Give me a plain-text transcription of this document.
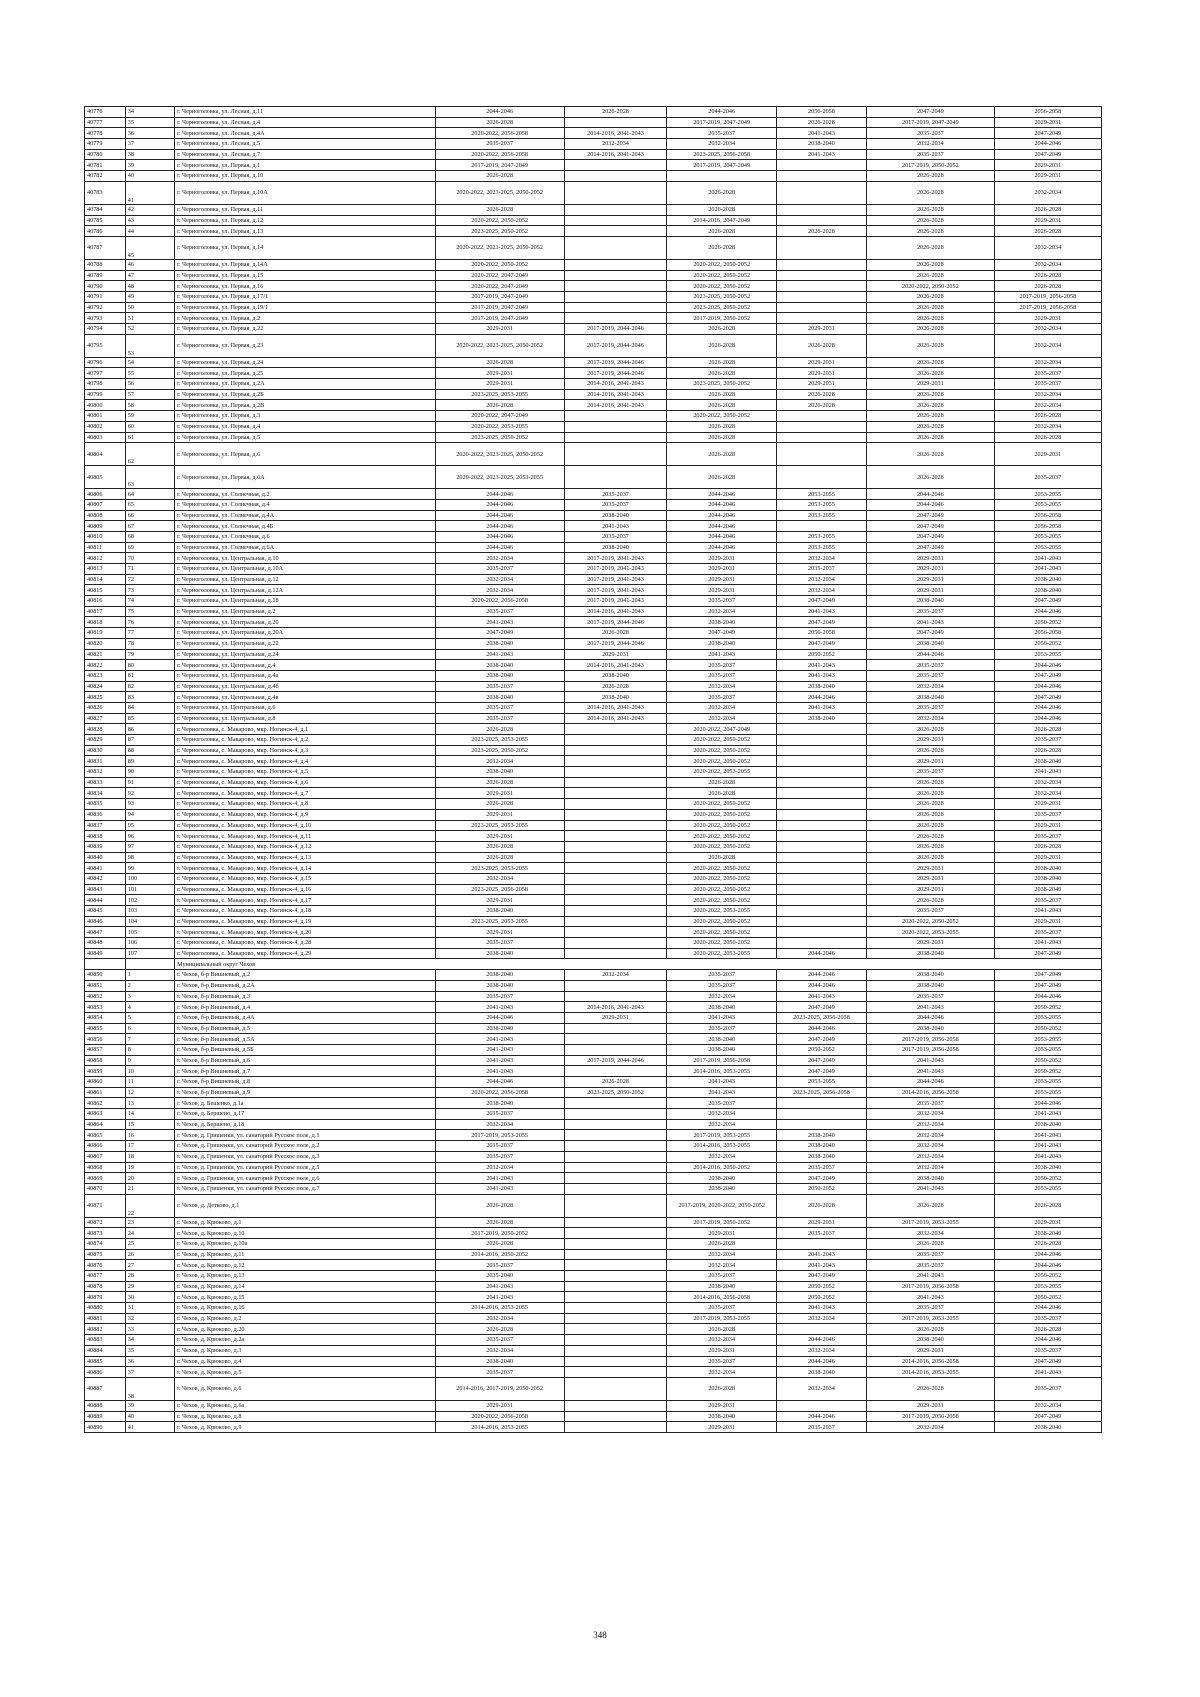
40776	34	г. Черноголовка, ул. Лесная, д.11	2044-2046	2026-2028	2044-2046	2056-2058	2047-2049	2056-2058
40777	35	г. Черноголовка, ул. Лесная, д.4	2026-2028		2017-2019, 2047-2049	2026-2028	2017-2019, 2047-2049	2029-2031
40778	36	г. Черноголовка, ул. Лесная, д.4А	2020-2022, 2056-2058	2014-2016, 2041-2043	2035-2037	2041-2043	2035-2037	2047-2049
40779	37	г. Черноголовка, ул. Лесная, д.5	2035-2037	2032-2034	2032-2034	2038-2040	2032-2034	2044-2046
40780	38	г. Черноголовка, ул. Лесная, д.7	2020-2022, 2056-2058	2014-2016, 2041-2043	2023-2025, 2056-2058	2041-2043	2035-2037	2047-2049
40781	39	г. Черноголовка, ул. Первая, д.1	2017-2019, 2047-2049		2017-2019, 2047-2049		2017-2019, 2050-2052	2029-2031
40782	40	г. Черноголовка, ул. Первая, д.10	2026-2028				2026-2028	2029-2031
40783	41	г. Черноголовка, ул. Первая, д.10А	2020-2022, 2023-2025, 2050-2052		2026-2028		2026-2028	2032-2034
40784	42	г. Черноголовка, ул. Первая, д.11	2026-2028		2026-2028		2026-2028	2026-2028
40785	43	г. Черноголовка, ул. Первая, д.12	2020-2022, 2050-2052		2014-2016, 2047-2049		2026-2028	2029-2031
40786	44	г. Черноголовка, ул. Первая, д.13	2023-2025, 2050-2052		2026-2028	2026-2028	2026-2028	2026-2028
40787	45	г. Черноголовка, ул. Первая, д.14	2020-2022, 2023-2025, 2050-2052		2026-2028		2026-2028	2032-2034
40788	46	г. Черноголовка, ул. Первая, д.14А	2020-2022, 2050-2052		2020-2022, 2050-2052		2026-2028	2032-2034
40789	47	г. Черноголовка, ул. Первая, д.15	2020-2022, 2047-2049		2020-2022, 2050-2052		2026-2028	2026-2028
40790	48	г. Черноголовка, ул. Первая, д.16	2020-2022, 2047-2049		2020-2022, 2050-2052		2020-2022, 2050-2052	2026-2028
40791	49	г. Черноголовка, ул. Первая, д.17/1	2017-2019, 2047-2049		2023-2025, 2050-2052		2026-2028	2017-2019, 2056-2058
40792	50	г. Черноголовка, ул. Первая, д.19/1	2017-2019, 2047-2049		2023-2025, 2050-2052		2026-2028	2017-2019, 2056-2058
40793	51	г. Черноголовка, ул. Первая, д.2	2017-2019, 2047-2049		2017-2019, 2050-2052		2026-2028	2029-2031
40794	52	г. Черноголовка, ул. Первая, д.22	2029-2031	2017-2019, 2044-2046	2026-2028	2029-2031	2026-2028	2032-2034
40795	53	г. Черноголовка, ул. Первая, д.23	2020-2022, 2023-2025, 2050-2052	2017-2019, 2044-2046	2026-2028	2026-2028	2026-2028	2032-2034
40796	54	г. Черноголовка, ул. Первая, д.24	2026-2028	2017-2019, 2044-2046	2026-2028	2029-2031	2026-2028	2032-2034
40797	55	г. Черноголовка, ул. Первая, д.25	2029-2031	2017-2019, 2044-2046	2026-2028	2029-2031	2026-2028	2035-2037
40798	56	г. Черноголовка, ул. Первая, д.2А	2029-2031	2014-2016, 2041-2043	2023-2025, 2050-2052	2029-2031	2029-2031	2035-2037
40799	57	г. Черноголовка, ул. Первая, д.2Б	2023-2025, 2053-2055	2014-2016, 2041-2043	2026-2028	2026-2028	2026-2028	2032-2034
40800	58	г. Черноголовка, ул. Первая, д.2В	2026-2028	2014-2016, 2041-2043	2026-2028	2026-2028	2026-2028	2032-2034
40801	59	г. Черноголовка, ул. Первая, д.3	2020-2022, 2047-2049		2020-2022, 2050-2052		2026-2028	2026-2028
40802	60	г. Черноголовка, ул. Первая, д.4	2020-2022, 2053-2055		2026-2028		2026-2028	2032-2034
40803	61	г. Черноголовка, ул. Первая, д.5	2023-2025, 2050-2052		2026-2028		2026-2028	2026-2028
40804	62	г. Черноголовка, ул. Первая, д.6	2020-2022, 2023-2025, 2050-2052		2026-2028		2026-2028	2029-2031
40805	63	г. Черноголовка, ул. Первая, д.6А	2020-2022, 2023-2025, 2053-2055		2026-2028		2026-2028	2035-2037
40806	64	г. Черноголовка, ул. Солнечная, д.2	2044-2046	2035-2037	2044-2046	2053-2055	2044-2046	2053-2055
40807	65	г. Черноголовка, ул. Солнечная, д.4	2044-2046	2035-2037	2044-2046	2053-2055	2044-2046	2053-2055
40808	66	г. Черноголовка, ул. Солнечная, д.4А	2044-2046	2038-2040	2044-2046	2053-2055	2047-2049	2056-2058
40809	67	г. Черноголовка, ул. Солнечная, д.4Б	2044-2046	2041-2043	2044-2046		2047-2049	2056-2058
40810	68	г. Черноголовка, ул. Солнечная, д.6	2044-2046	2035-2037	2044-2046	2053-2055	2047-2049	2053-2055
40811	69	г. Черноголовка, ул. Солнечная, д.6А	2044-2046	2038-2040	2044-2046	2053-2055	2047-2049	2053-2055
40812	70	г. Черноголовка, ул. Центральная, д.10	2032-2034	2017-2019, 2041-2043	2029-2031	2032-2034	2029-2031	2041-2043
40813	71	г. Черноголовка, ул. Центральная, д.10А	2035-2037	2017-2019, 2041-2043	2029-2031	2035-2037	2029-2031	2041-2043
40814	72	г. Черноголовка, ул. Центральная, д.12	2032-2034	2017-2019, 2041-2043	2029-2031	2032-2034	2029-2031	2038-2040
40815	73	г. Черноголовка, ул. Центральная, д.12А	2032-2034	2017-2019, 2041-2043	2029-2031	2032-2034	2029-2031	2038-2040
40816	74	г. Черноголовка, ул. Центральная, д.18	2020-2022, 2056-2058	2017-2019, 2041-2043	2035-2037	2047-2049	2038-2040	2047-2049
40817	75	г. Черноголовка, ул. Центральная, д.2	2035-2037	2014-2016, 2041-2043	2032-2034	2041-2043	2035-2037	2044-2046
40818	76	г. Черноголовка, ул. Центральная, д.20	2041-2043	2017-2019, 2044-2046	2038-2040	2047-2049	2041-2043	2050-2052
40819	77	г. Черноголовка, ул. Центральная, д.20А	2047-2049	2026-2028	2047-2049	2056-2058	2047-2049	2056-2058
40820	78	г. Черноголовка, ул. Центральная, д.22	2038-2040	2017-2019, 2044-2046	2038-2040	2047-2049	2038-2040	2050-2052
40821	79	г. Черноголовка, ул. Центральная, д.24	2041-2043	2029-2031	2041-2043	2050-2052	2044-2046	2053-2055
40822	80	г. Черноголовка, ул. Центральная, д.4	2038-2040	2014-2016, 2041-2043	2035-2037	2041-2043	2035-2037	2044-2046
40823	81	г. Черноголовка, ул. Центральная, д.4а	2038-2040	2038-2040	2035-2037	2041-2043	2035-2037	2047-2049
40824	82	г. Черноголовка, ул. Центральная, д.4б	2035-2037	2026-2028	2032-2034	2038-2040	2032-2034	2044-2046
40825	83	г. Черноголовка, ул. Центральная, д.4в	2038-2040	2038-2040	2035-2037	2044-2046	2038-2040	2047-2049
40826	84	г. Черноголовка, ул. Центральная, д.6	2035-2037	2014-2016, 2041-2043	2032-2034	2041-2043	2035-2037	2044-2046
40827	85	г. Черноголовка, ул. Центральная, д.8	2035-2037	2014-2016, 2041-2043	2032-2034	2038-2040	2032-2034	2044-2046
40828	86	г. Черноголовка, с. Макарово, мкр. Ногинск-4, д.1	2026-2028		2020-2022, 2047-2049		2026-2028	2026-2028
40829	87	г. Черноголовка, с. Макарово, мкр. Ногинск-4, д.2	2023-2025, 2053-2055		2020-2022, 2050-2052		2029-2031	2035-2037
40830	88	г. Черноголовка, с. Макарово, мкр. Ногинск-4, д.3	2023-2025, 2050-2052		2020-2022, 2050-2052		2026-2028	2026-2028
40831	89	г. Черноголовка, с. Макарово, мкр. Ногинск-4, д.4	2032-2034		2020-2022, 2050-2052		2029-2031	2038-2040
40832	90	г. Черноголовка, с. Макарово, мкр. Ногинск-4, д.5	2038-2040		2020-2022, 2053-2055		2035-2037	2041-2043
40833	91	г. Черноголовка, с. Макарово, мкр. Ногинск-4, д.6	2026-2028		2026-2028		2026-2028	2032-2034
40834	92	г. Черноголовка, с. Макарово, мкр. Ногинск-4, д.7	2029-2031		2026-2028		2026-2028	2032-2034
40835	93	г. Черноголовка, с. Макарово, мкр. Ногинск-4, д.8	2026-2028		2020-2022, 2050-2052		2026-2028	2029-2031
40836	94	г. Черноголовка, с. Макарово, мкр. Ногинск-4, д.9	2029-2031		2020-2022, 2050-2052		2026-2028	2035-2037
40837	95	г. Черноголовка, с. Макарово, мкр. Ногинск-4, д.10	2023-2025, 2053-2055		2020-2022, 2050-2052		2026-2028	2029-2031
40838	96	г. Черноголовка, с. Макарово, мкр. Ногинск-4, д.11	2029-2031		2020-2022, 2050-2052		2026-2028	2035-2037
40839	97	г. Черноголовка, с. Макарово, мкр. Ногинск-4, д.12	2026-2028		2020-2022, 2050-2052		2026-2028	2026-2028
40840	98	г. Черноголовка, с. Макарово, мкр. Ногинск-4, д.13	2026-2028		2026-2028		2026-2028	2029-2031
40841	99	г. Черноголовка, с. Макарово, мкр. Ногинск-4, д.14	2023-2025, 2053-2055		2020-2022, 2050-2052		2029-2031	2038-2040
40842	100	г. Черноголовка, с. Макарово, мкр. Ногинск-4, д.15	2032-2034		2020-2022, 2050-2052		2029-2031	2038-2040
40843	101	г. Черноголовка, с. Макарово, мкр. Ногинск-4, д.16	2023-2025, 2056-2058		2020-2022, 2050-2052		2029-2031	2038-2040
40844	102	г. Черноголовка, с. Макарово, мкр. Ногинск-4, д.17	2029-2031		2020-2022, 2050-2052		2026-2028	2035-2037
40845	103	г. Черноголовка, с. Макарово, мкр. Ногинск-4, д.18	2038-2040		2020-2022, 2053-2055		2035-2037	2041-2043
40846	104	г. Черноголовка, с. Макарово, мкр. Ногинск-4, д.19	2023-2025, 2053-2055		2020-2022, 2050-2052		2020-2022, 2050-2052	2029-2031
40847	105	г. Черноголовка, с. Макарово, мкр. Ногинск-4, д.20	2029-2031		2020-2022, 2050-2052		2020-2022, 2053-2055	2035-2037
40848	106	г. Черноголовка, с. Макарово, мкр. Ногинск-4, д.28	2035-2037		2020-2022, 2050-2052		2029-2031	2041-2043
40849	107	г. Черноголовка, с. Макарово, мкр. Ногинск-4, д.29	2038-2040		2020-2022, 2053-2055	2044-2046	2038-2040	2047-2049
		Муниципальный округ Чехов						
40850	1	г. Чехов, б-р Вишневый, д.2	2038-2040	2032-2034	2035-2037	2044-2046	2038-2040	2047-2049
40851	2	г. Чехов, б-р Вишневый, д.2А	2038-2040		2035-2037	2044-2046	2038-2040	2047-2049
40852	3	г. Чехов, б-р Вишневый, д.3	2035-2037		2032-2034	2041-2043	2035-2037	2044-2046
40853	4	г. Чехов, б-р Вишневый, д.4	2041-2043	2014-2016, 2041-2043	2038-2040	2047-2049	2041-2043	2050-2052
40854	5	г. Чехов, б-р Вишневый, д.4А	2044-2046	2029-2031	2041-2043	2023-2025, 2056-2058	2044-2046	2053-2055
40855	6	г. Чехов, б-р Вишневый, д.5	2038-2040		2035-2037	2044-2046	2038-2040	2050-2052
40856	7	г. Чехов, б-р Вишневый, д.5А	2041-2043		2038-2040	2047-2049	2017-2019, 2056-2058	2053-2055
40857	8	г. Чехов, б-р Вишневый, д.5Б	2041-2043		2038-2040	2050-2052	2017-2019, 2056-2058	2053-2055
40858	9	г. Чехов, б-р Вишневый, д.6	2041-2043	2017-2019, 2044-2046	2017-2019, 2056-2058	2047-2049	2041-2043	2050-2052
40859	10	г. Чехов, б-р Вишневый, д.7	2041-2043		2014-2016, 2053-2055	2047-2049	2041-2043	2050-2052
40860	11	г. Чехов, б-р Вишневый, д.8	2044-2046	2026-2028	2041-2043	2053-2055	2044-2046	2053-2055
40861	12	г. Чехов, б-р Вишневый, д.9	2020-2022, 2056-2058	2023-2025, 2050-2052	2041-2043	2023-2025, 2056-2058	2014-2016, 2056-2058	2053-2055
40862	13	г. Чехов, д. Бешенко, д.1а	2038-2040		2035-2037		2035-2037	2044-2046
40863	14	г. Чехов, д. Бершено, д.17	2035-2037		2032-2034		2032-2034	2041-2043
40864	15	г. Чехов, д. Бершено, д.18	2032-2034		2032-2034		2032-2034	2038-2040
40865	16	г. Чехов, д. Гришенки, ул. санаторий Русское поле, д.1	2017-2019, 2053-2055		2017-2019, 2053-2055	2038-2040	2032-2034	2041-2043
40866	17	г. Чехов, д. Гришенки, ул. санаторий Русское поле, д.2	2035-2037		2014-2016, 2053-2055	2038-2040	2032-2034	2041-2043
40867	18	г. Чехов, д. Гришенки, ул. санаторий Русское поле, д.3	2035-2037		2032-2034	2038-2040	2032-2034	2041-2043
40868	19	г. Чехов, д. Гришенки, ул. санаторий Русское поле, д.5	2032-2034		2014-2016, 2050-2052	2035-2037	2032-2034	2038-2040
40869	20	г. Чехов, д. Гришенки, ул. санаторий Русское поле, д.6	2041-2043		2038-2040	2047-2049	2038-2040	2050-2052
40870	21	г. Чехов, д. Гришенки, ул. санаторий Русское поле, д.7	2041-2043		2038-2040	2050-2052	2041-2043	2053-2055
40871	22	г. Чехов, д. Детково, д.1	2026-2028		2017-2019, 2020-2022, 2050-2052	2026-2028	2026-2028	2026-2028
40872	23	г. Чехов, д. Крюково, д.1	2026-2028		2017-2019, 2050-2052	2029-2031	2017-2019, 2053-2055	2029-2031
40873	24	г. Чехов, д. Крюково, д.10	2017-2019, 2050-2052		2029-2031	2035-2037	2032-2034	2038-2040
40874	25	г. Чехов, д. Крюково, д.10а	2026-2028		2026-2028		2026-2028	2026-2028
40875	26	г. Чехов, д. Крюково, д.11	2014-2016, 2050-2052		2032-2034	2041-2043	2035-2037	2044-2046
40876	27	г. Чехов, д. Крюково, д.12	2035-2037		2032-2034	2041-2043	2035-2037	2044-2046
40877	28	г. Чехов, д. Крюково, д.13	2035-2040		2035-2037	2047-2049	2041-2043	2050-2052
40878	29	г. Чехов, д. Крюково, д.14	2041-2043		2038-2040	2050-2052	2017-2019, 2056-2058	2053-2055
40879	30	г. Чехов, д. Крюково, д.15	2041-2043		2014-2016, 2056-2058	2050-2052	2041-2043	2050-2052
40880	31	г. Чехов, д. Крюково, д.16	2014-2016, 2053-2055		2035-2037	2041-2043	2035-2037	2044-2046
40881	32	г. Чехов, д. Крюково, д.2	2032-2034		2017-2019, 2053-2055	2032-2034	2017-2019, 2053-2055	2035-2037
40882	33	г. Чехов, д. Крюково, д.20	2026-2028		2026-2028		2026-2028	2026-2028
40883	34	г. Чехов, д. Крюково, д.2а	2035-2037		2032-2034	2044-2046	2038-2040	2044-2046
40884	35	г. Чехов, д. Крюково, д.3	2032-2034		2029-2031	2032-2034	2029-2031	2035-2037
40885	36	г. Чехов, д. Крюково, д.4	2038-2040		2035-2037	2044-2046	2014-2016, 2056-2058	2047-2049
40886	37	г. Чехов, д. Крюково, д.5	2035-2037		2032-2034	2038-2040	2014-2016, 2053-2055	2041-2043
40887	38	г. Чехов, д. Крюково, д.6	2014-2016, 2017-2019, 2050-2052		2026-2028	2032-2034	2026-2028	2035-2037
40888	39	г. Чехов, д. Крюково, д.6а	2029-2031		2029-2031		2029-2031	2032-2034
40889	40	г. Чехов, д. Крюково, д.8	2020-2022, 2056-2058		2038-2040	2044-2046	2017-2019, 2056-2058	2047-2049
40890	41	г. Чехов, д. Крюково, д.9	2014-2016, 2053-2055		2029-2031	2035-2037	2032-2034	2038-2040
348
